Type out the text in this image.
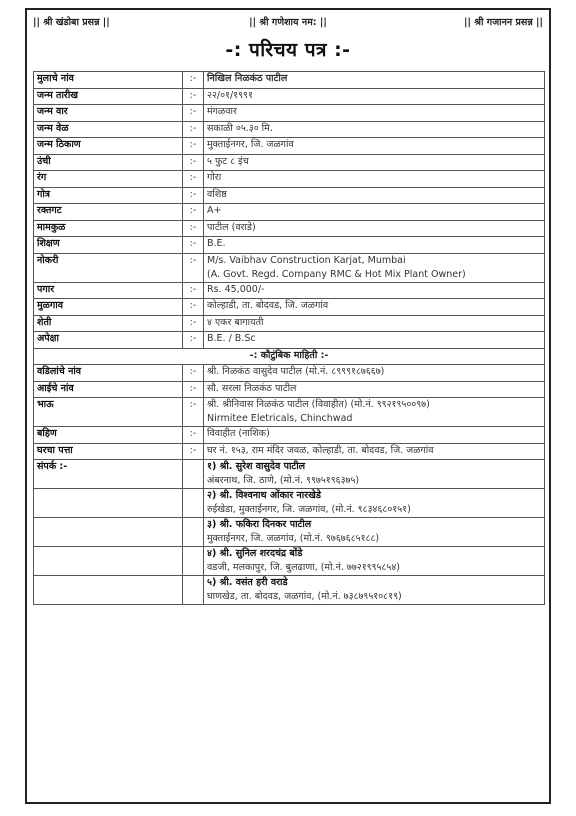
|| श्री खंडोबा प्रसन्न ||	|| श्री गणेशाय नम: ||	|| श्री गजानन प्रसन्न ||
-: परिचय पत्र :-
मुलाचे नांव	:-	निखिल निळकंठ पाटील
जन्म तारीख	:-	२२/०१/१९९१
जन्म वार	:-	मंगळवार
जन्म वेळ	:-	सकाळी ०५.३० मि.
जन्म ठिकाण	:-	मुक्ताईनगर, जि. जळगांव
उंची	:-	५ फुट ८ इंच
रंग	:-	गोरा
गोत्र	:-	वशिष्ठ
रक्तगट	:-	A+
मामकुळ	:-	पाटील (वराडे)
शिक्षण	:-	B.E.
नोकरी	:-	M/s. Vaibhav Construction Karjat, Mumbai
(A. Govt. Regd. Company RMC & Hot Mix Plant Owner)
पगार	:-	Rs. 45,000/-
मुळगाव	:-	कोल्हाडी, ता. बोदवड, जि. जळगांव
शेती	:-	४ एकर बागायती
अपेक्षा	:-	B.E. / B.Sc
-: कौटुंबिक माहिती :-		
वडिलांचे नांव	:-	श्री. निळकंठ वासुदेव पाटील (मो.नं. ८९९९१८७६६७)
आईचे नांव	:-	सौ. सरला निळकंठ पाटील
भाऊ	:-	श्री. श्रीनिवास निळकंठ पाटील (विवाहीत) (मो.नं. ९९२१९५००९७)
Nirmitee Eletricals, Chinchwad
बहिण	:-	विवाहीत (नाशिक)
घरचा पत्ता	:-	घर नं. १५३, राम मंदिर जवळ, कोल्हाडी, ता. बोदवड, जि. जळगांव
संपर्क :-		१) श्री. सुरेश वासुदेव पाटील
अंबरनाथ, जि. ठाणे, (मो.नं. ९९७५१९६३७५)
		२) श्री. विश्वनाथ ओंकार नारखेडे
रुईखेडा, मुक्ताईनगर, जि. जळगांव, (मो.नं. ९८३४६८०१५१)
		३) श्री. फकिरा दिनकर पाटील
मुक्ताईनगर, जि. जळगांव, (मो.नं. ९७६७६८५१८८)
		४) श्री. सुनिल शरदचंद्र बोंडे
वडजी, मलकापुर, जि. बुलढाणा, (मो.नं. ७७२१९९५८५४)
		५) श्री. वसंत हरी वराडे
घाणखेड, ता. बोदवड, जळगांव, (मो.नं. ७३८७९५१०८१९)
